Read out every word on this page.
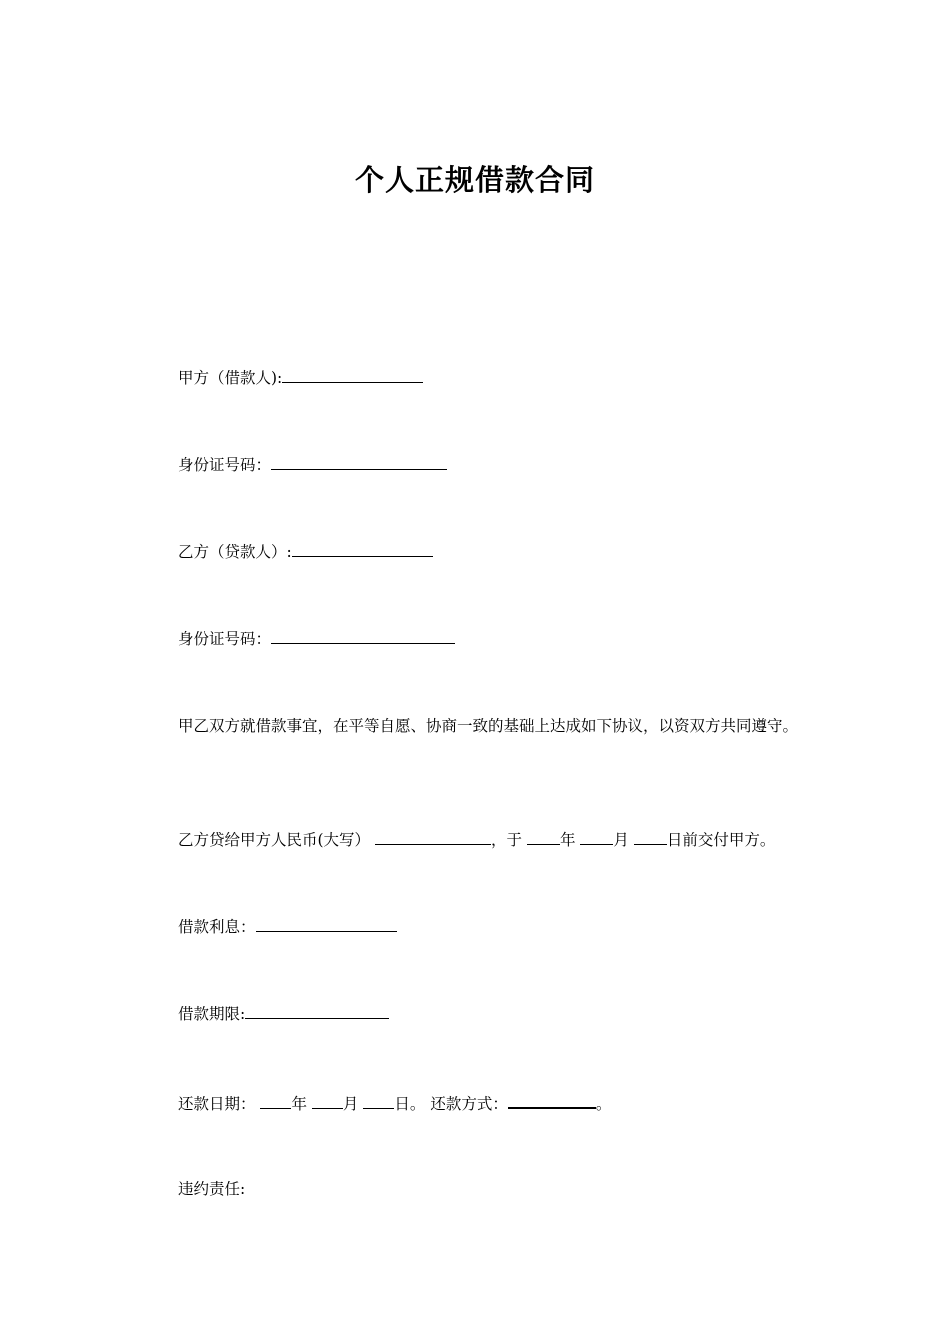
个人正规借款合同
甲方（借款人):
身份证号码：
乙方（贷款人）:
身份证号码：
甲乙双方就借款事宜，在平等自愿、协商一致的基础上达成如下协议，以资双方共同遵守。
乙方贷给甲方人民币(大写）	，于 年 月 日前交付甲方。
借款利息：
借款期限:
还款日期： 年 月 日。 还款方式：	。
违约责任:
